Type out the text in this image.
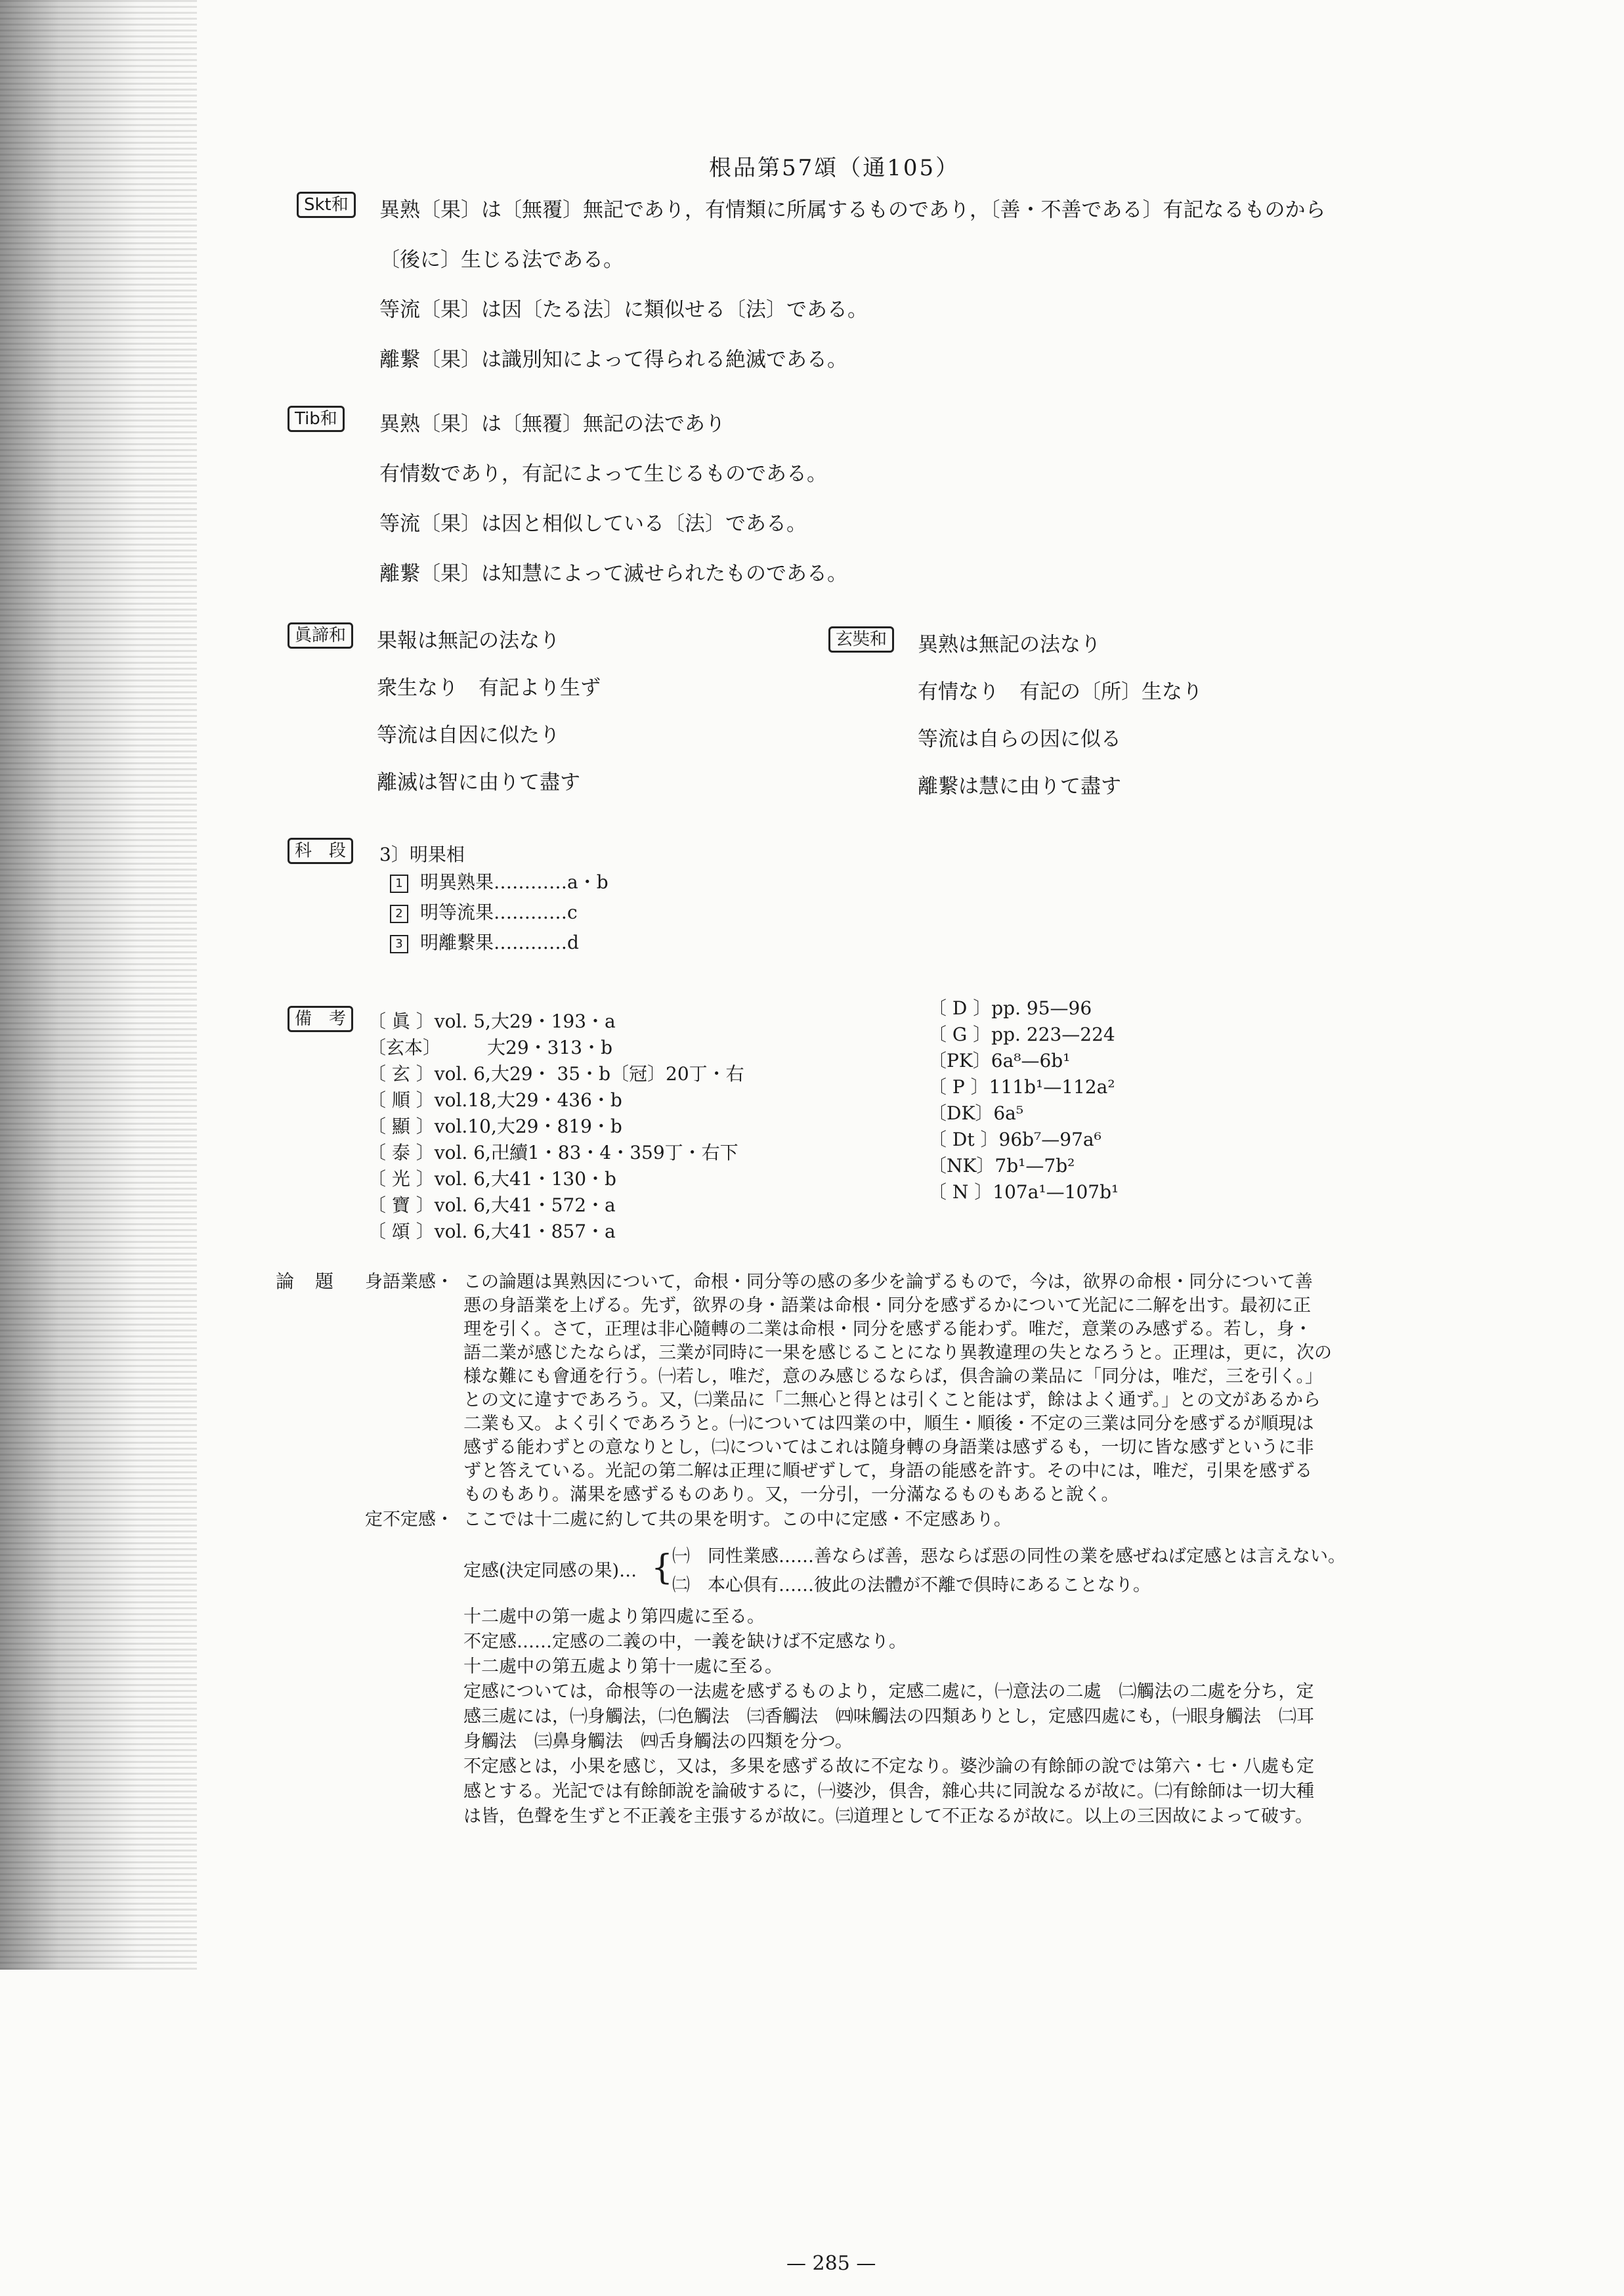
根品第57頌（通105）
Skt和	異熟〔果〕は〔無覆〕無記であり，有情類に所属するものであり，〔善・不善である〕有記なるものから
〔後に〕生じる法である。
等流〔果〕は因〔たる法〕に類似せる〔法〕である。
離繋〔果〕は識別知によって得られる絶滅である。
Tib和	異熟〔果〕は〔無覆〕無記の法であり
有情数であり，有記によって生じるものである。
等流〔果〕は因と相似している〔法〕である。
離繋〔果〕は知慧によって滅せられたものである。
眞諦和	果報は無記の法なり
衆生なり　有記より生ず
等流は自因に似たり
離滅は智に由りて盡す
玄奘和	異熟は無記の法なり
有情なり　有記の〔所〕生なり
等流は自らの因に似る
離繋は慧に由りて盡す
科　段	3〕明果相
1 明異熟果…………a・b
2 明等流果…………c
3 明離繋果…………d
備　考	〔 眞 〕vol. 5,大29・193・a
〔玄本〕　　　大29・313・b
〔 玄 〕vol. 6,大29・ 35・b〔冠〕20丁・右
〔 順 〕vol.18,大29・436・b
〔 顯 〕vol.10,大29・819・b
〔 泰 〕vol. 6,卍續1・83・4・359丁・右下
〔 光 〕vol. 6,大41・130・b
〔 寶 〕vol. 6,大41・572・a
〔 頌 〕vol. 6,大41・857・a
〔 D 〕pp. 95—96
〔 G 〕pp. 223—224
〔PK〕6a⁸—6b¹
〔 P 〕111b¹—112a²
〔DK〕6a⁵
〔 Dt 〕96b⁷—97a⁶
〔NK〕7b¹—7b²
〔 N 〕107a¹—107b¹
論　題 身語業感・ この論題は異熟因について，命根・同分等の感の多少を論ずるもので，今は，欲界の命根・同分について善
悪の身語業を上げる。先ず，欲界の身・語業は命根・同分を感ずるかについて光記に二解を出す。最初に正
理を引く。さて，正理は非心隨轉の二業は命根・同分を感ずる能わず。唯だ，意業のみ感ずる。若し，身・
語二業が感じたならば，三業が同時に一果を感じることになり異教違理の失となろうと。正理は，更に，次の
様な難にも會通を行う。㈠若し，唯だ，意のみ感じるならば，倶舎論の業品に「同分は，唯だ，三を引く。」
との文に違すであろう。又，㈡業品に「二無心と得とは引くこと能はず，餘はよく通ず。」との文があるから
二業も又。よく引くであろうと。㈠については四業の中，順生・順後・不定の三業は同分を感ずるが順現は
感ずる能わずとの意なりとし，㈡についてはこれは隨身轉の身語業は感ずるも，一切に皆な感ずというに非
ずと答えている。光記の第二解は正理に順ぜずして，身語の能感を許す。その中には，唯だ，引果を感ずる
ものもあり。滿果を感ずるものあり。又，一分引，一分滿なるものもあると說く。
定不定感・ ここでは十二處に約して共の果を明す。この中に定感・不定感あり。
定感(決定同感の果)… {
㈠　同性業感……善ならば善，惡ならば惡の同性の業を感ぜねば定感とは言えない。
㈡　本心倶有……彼此の法體が不離で倶時にあることなり。
十二處中の第一處より第四處に至る。
不定感……定感の二義の中，一義を缺けば不定感なり。
十二處中の第五處より第十一處に至る。
定感については，命根等の一法處を感ずるものより，定感二處に，㈠意法の二處　㈡觸法の二處を分ち，定
感三處には，㈠身觸法，㈡色觸法　㈢香觸法　㈣味觸法の四類ありとし，定感四處にも，㈠眼身觸法　㈡耳
身觸法　㈢鼻身觸法　㈣舌身觸法の四類を分つ。
不定感とは，小果を感じ，又は，多果を感ずる故に不定なり。婆沙論の有餘師の說では第六・七・八處も定
感とする。光記では有餘師說を論破するに，㈠婆沙，倶舎，雜心共に同說なるが故に。㈡有餘師は一切大種
は皆，色聲を生ずと不正義を主張するが故に。㈢道理として不正なるが故に。以上の三因故によって破す。
— 285 —
